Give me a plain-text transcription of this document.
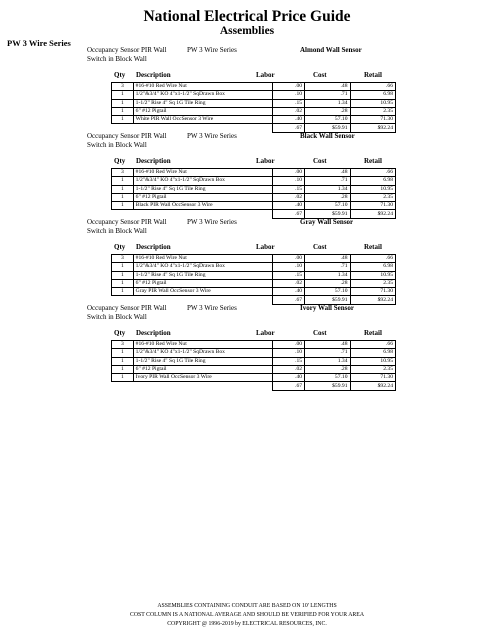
National Electrical Price Guide
Assemblies
PW 3 Wire Series
Occupancy Sensor PIR Wall
Switch in Block Wall
PW 3 Wire Series	Almond Wall Sensor
Qty Description	Labor	Cost	Retail
3	#16-#10 Red Wire Nut	.00	.48	.66
1	1/2"&3/4" KO 4"x1-1/2" SqDrawn Box	.10	.71	6.98
1	1-1/2" Rise 4" Sq 1G Tile Ring	.15	1.34	10.95
1	6" #12 Pigtail	.02	.28	2.35
1	White PIR Wall OccSensor 3 Wire	.40	57.10	71.30
		.67	$59.91	$92.24
Occupancy Sensor PIR Wall
Switch in Block Wall
PW 3 Wire Series	Black Wall Sensor
Qty Description	Labor	Cost	Retail
3	#16-#10 Red Wire Nut	.00	.48	.66
1	1/2"&3/4" KO 4"x1-1/2" SqDrawn Box	.10	.71	6.98
1	1-1/2" Rise 4" Sq 1G Tile Ring	.15	1.34	10.95
1	6" #12 Pigtail	.02	.28	2.35
1	Black PIR Wall OccSensor 3 Wire	.40	57.10	71.30
		.67	$59.91	$92.24
Occupancy Sensor PIR Wall
Switch in Block Wall
PW 3 Wire Series	Gray Wall Sensor
Qty Description	Labor	Cost	Retail
3	#16-#10 Red Wire Nut	.00	.48	.66
1	1/2"&3/4" KO 4"x1-1/2" SqDrawn Box	.10	.71	6.98
1	1-1/2" Rise 4" Sq 1G Tile Ring	.15	1.34	10.95
1	6" #12 Pigtail	.02	.28	2.35
1	Gray PIR Wall OccSensor 3 Wire	.40	57.10	71.30
		.67	$59.91	$92.24
Occupancy Sensor PIR Wall
Switch in Block Wall
PW 3 Wire Series	Ivory Wall Sensor
Qty Description	Labor	Cost	Retail
3	#16-#10 Red Wire Nut	.00	.48	.66
1	1/2"&3/4" KO 4"x1-1/2" SqDrawn Box	.10	.71	6.98
1	1-1/2" Rise 4" Sq 1G Tile Ring	.15	1.34	10.95
1	6" #12 Pigtail	.02	.28	2.35
1	Ivory PIR Wall OccSensor 3 Wire	.40	57.10	71.30
		.67	$59.91	$92.24
ASSEMBLIES CONTAINING CONDUIT ARE BASED ON 10' LENGTHS
COST COLUMN IS A NATIONAL AVERAGE AND SHOULD BE VERIFIED FOR YOUR AREA
COPYRIGHT @ 1996-2019 by ELECTRICAL RESOURCES, INC.
